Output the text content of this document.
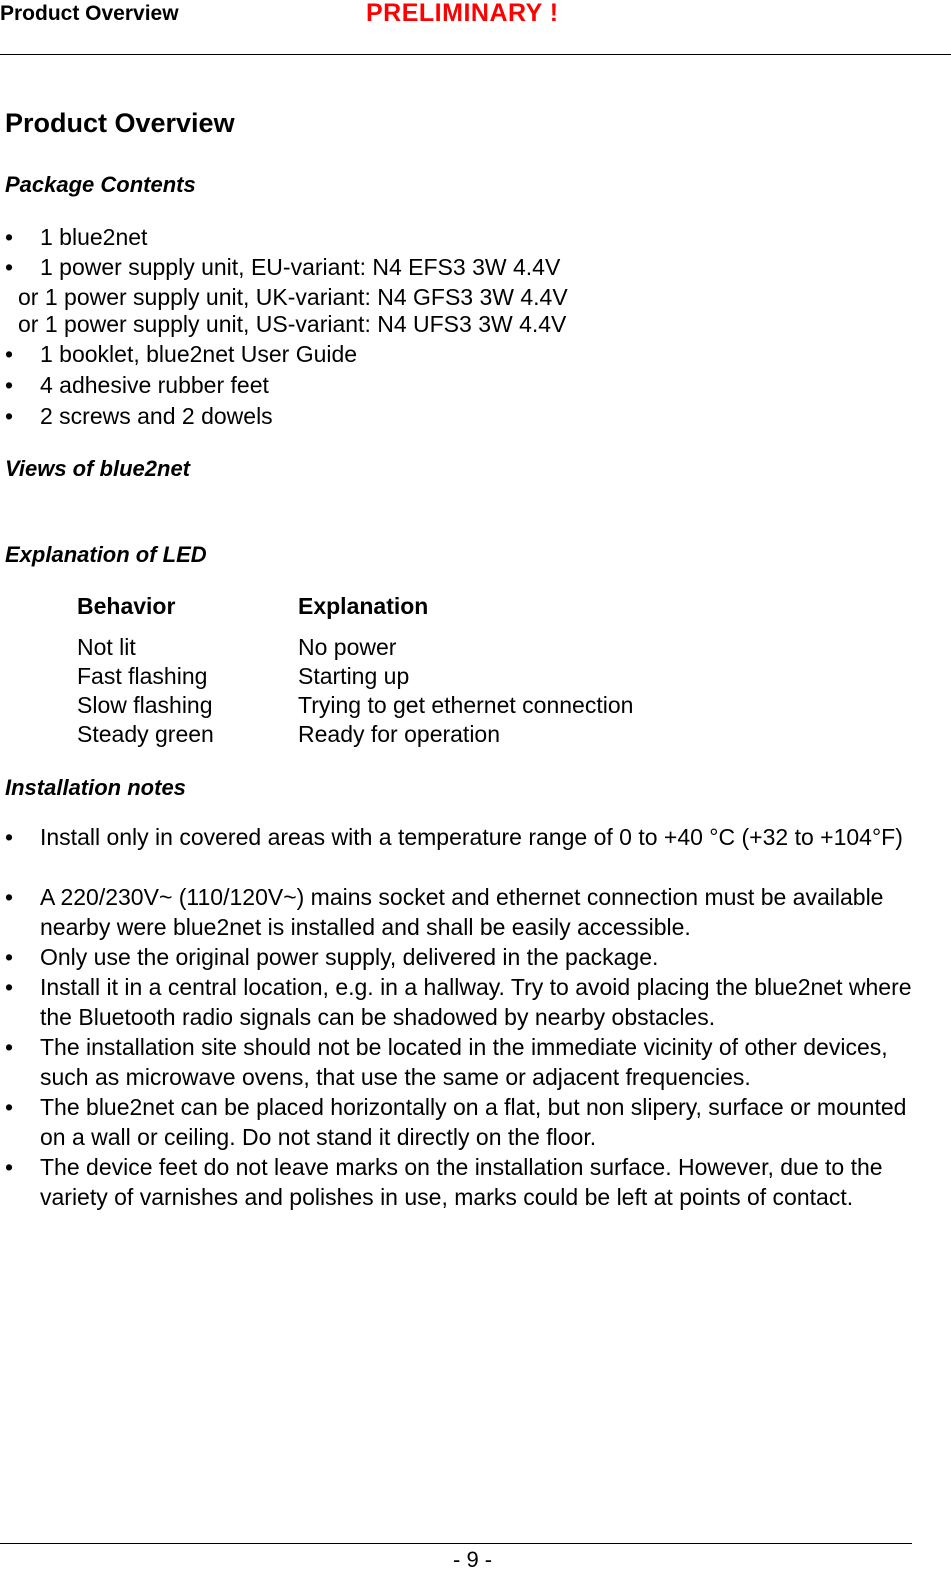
Product Overview	PRELIMINARY !
Product Overview
Package Contents
• 1 blue2net
• 1 power supply unit, EU-variant: N4 EFS3 3W 4.4V
or 1 power supply unit, UK-variant: N4 GFS3 3W 4.4V
or 1 power supply unit, US-variant: N4 UFS3 3W 4.4V
• 1 booklet, blue2net User Guide
• 4 adhesive rubber feet
• 2 screws and 2 dowels
Views of blue2net
Explanation of LED
Behavior	Explanation
Not lit	No power
Fast flashing	Starting up
Slow flashing	Trying to get ethernet connection
Steady green	Ready for operation
Installation notes
• Install only in covered areas with a temperature range of 0 to +40 °C (+32 to +104°F)
• A 220/230V~ (110/120V~) mains socket and ethernet connection must be available nearby were blue2net is installed and shall be easily accessible.
• Only use the original power supply, delivered in the package.
• Install it in a central location, e.g. in a hallway. Try to avoid placing the blue2net where the Bluetooth radio signals can be shadowed by nearby obstacles.
• The installation site should not be located in the immediate vicinity of other devices, such as microwave ovens, that use the same or adjacent frequencies.
• The blue2net can be placed horizontally on a flat, but non slipery, surface or mounted on a wall or ceiling. Do not stand it directly on the floor.
• The device feet do not leave marks on the installation surface. However, due to the variety of varnishes and polishes in use, marks could be left at points of contact.
- 9 -
